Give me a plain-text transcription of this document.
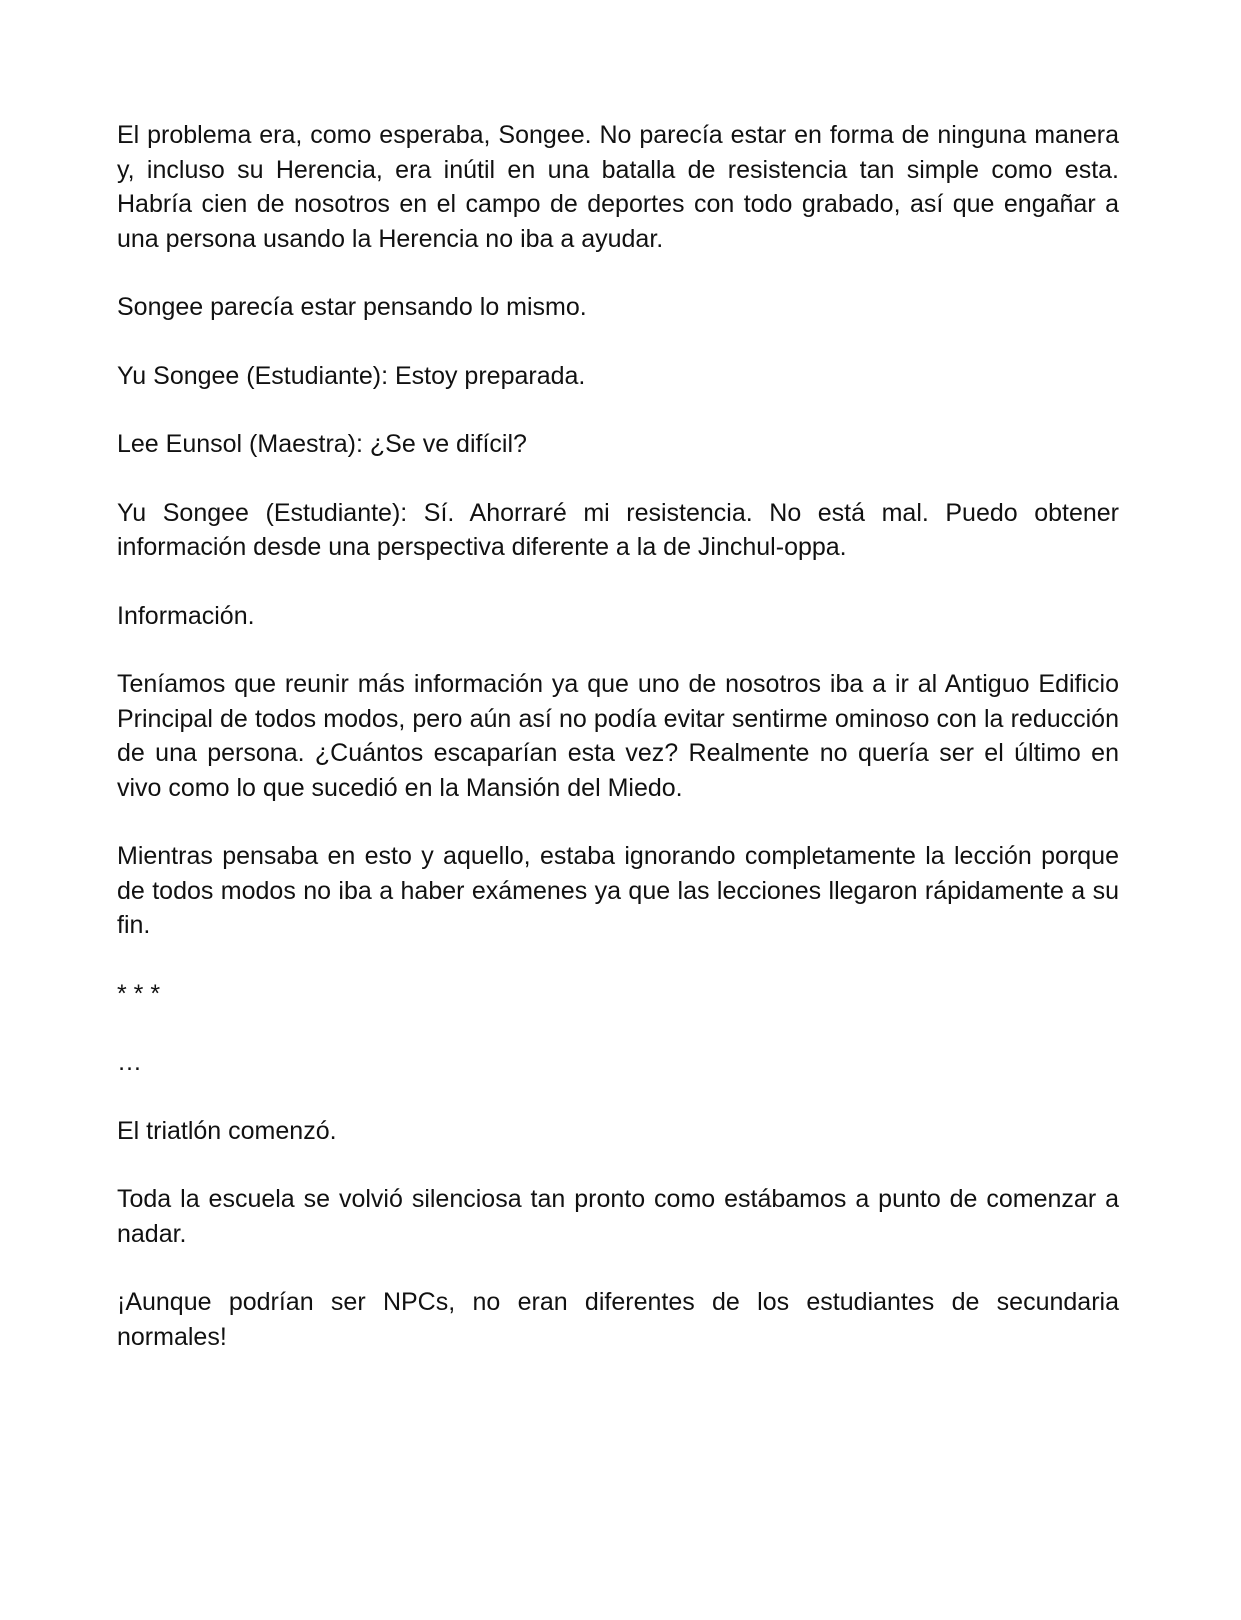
El problema era, como esperaba, Songee. No parecía estar en forma de ninguna manera y, incluso su Herencia, era inútil en una batalla de resistencia tan simple como esta. Habría cien de nosotros en el campo de deportes con todo grabado, así que engañar a una persona usando la Herencia no iba a ayudar.

Songee parecía estar pensando lo mismo.

Yu Songee (Estudiante): Estoy preparada.

Lee Eunsol (Maestra): ¿Se ve difícil?

Yu Songee (Estudiante): Sí. Ahorraré mi resistencia. No está mal. Puedo obtener información desde una perspectiva diferente a la de Jinchul-oppa.

Información.

Teníamos que reunir más información ya que uno de nosotros iba a ir al Antiguo Edificio Principal de todos modos, pero aún así no podía evitar sentirme ominoso con la reducción de una persona. ¿Cuántos escaparían esta vez? Realmente no quería ser el último en vivo como lo que sucedió en la Mansión del Miedo.

Mientras pensaba en esto y aquello, estaba ignorando completamente la lección porque de todos modos no iba a haber exámenes ya que las lecciones llegaron rápidamente a su fin.

* * *

…

El triatlón comenzó.

Toda la escuela se volvió silenciosa tan pronto como estábamos a punto de comenzar a nadar.

¡Aunque podrían ser NPCs, no eran diferentes de los estudiantes de secundaria normales!
